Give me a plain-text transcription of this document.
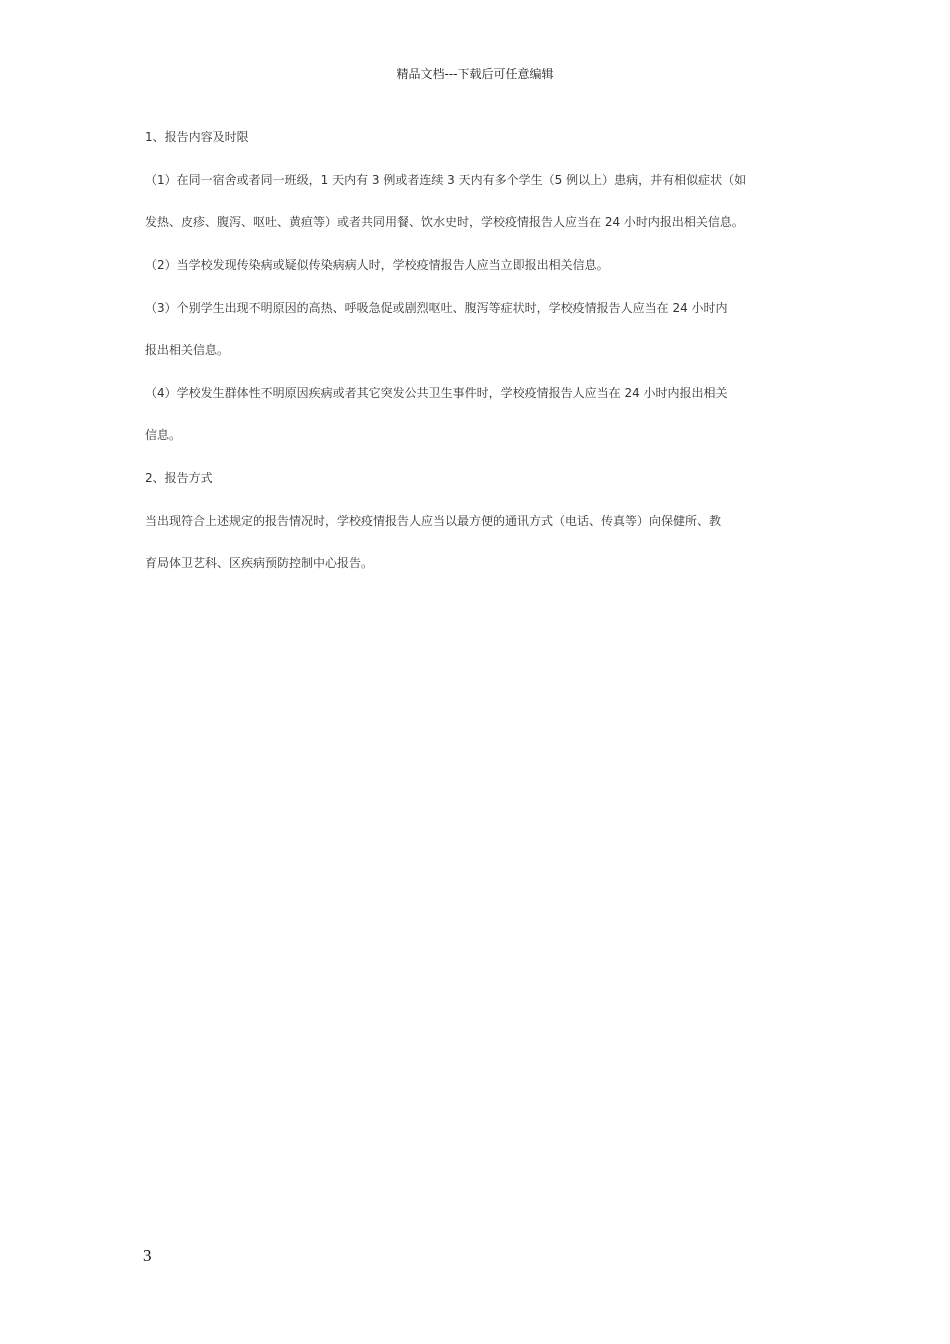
精品文档---下载后可任意编辑
1、报告内容及时限
（1）在同一宿舍或者同一班级，1 天内有 3 例或者连续 3 天内有多个学生（5 例以上）患病，并有相似症状（如
发热、皮疹、腹泻、呕吐、黄疸等）或者共同用餐、饮水史时，学校疫情报告人应当在 24 小时内报出相关信息。
（2）当学校发现传染病或疑似传染病病人时，学校疫情报告人应当立即报出相关信息。
（3）个别学生出现不明原因的高热、呼吸急促或剧烈呕吐、腹泻等症状时，学校疫情报告人应当在 24 小时内
报出相关信息。
（4）学校发生群体性不明原因疾病或者其它突发公共卫生事件时，学校疫情报告人应当在 24 小时内报出相关
信息。
2、报告方式
当出现符合上述规定的报告情况时，学校疫情报告人应当以最方便的通讯方式（电话、传真等）向保健所、教
育局体卫艺科、区疾病预防控制中心报告。
3
